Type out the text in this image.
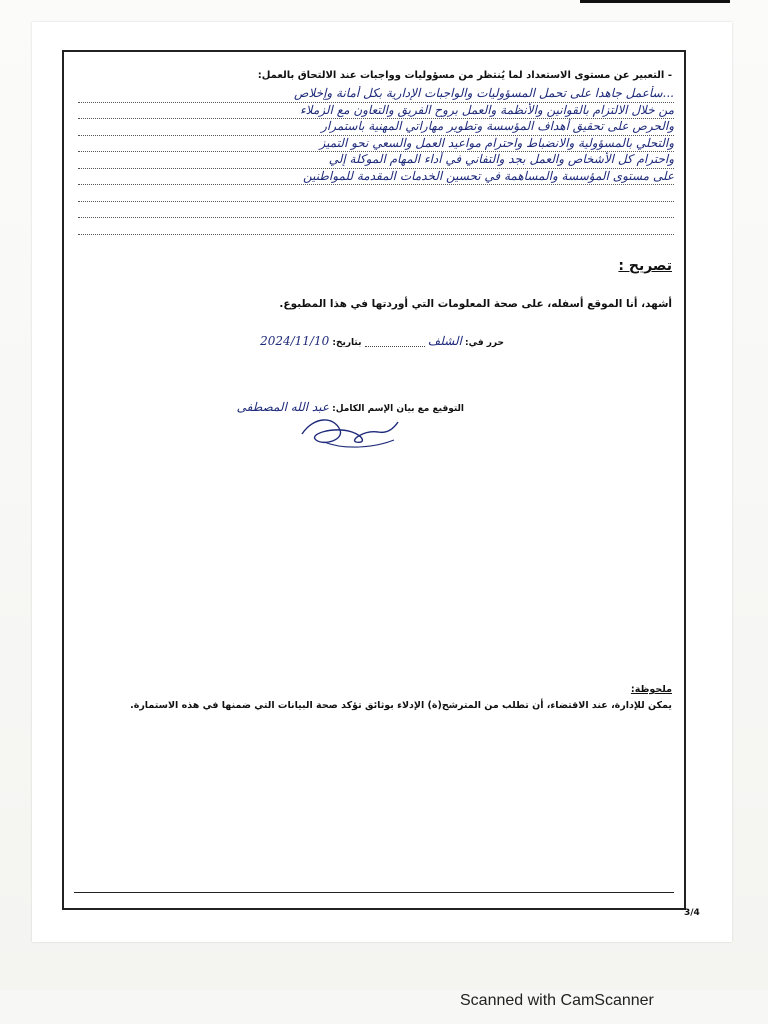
- التعبير عن مستوى الاستعداد لما يُنتظر من مسؤوليات وواجبات عند الالتحاق بالعمل:
...سأعمل جاهدا على تحمل المسؤوليات والواجبات الإدارية بكل أمانة وإخلاص
من خلال الالتزام بالقوانين والأنظمة والعمل بروح الفريق والتعاون مع الزملاء
والحرص على تحقيق أهداف المؤسسة وتطوير مهاراتي المهنية باستمرار
والتحلي بالمسؤولية والانضباط واحترام مواعيد العمل والسعي نحو التميز
واحترام كل الأشخاص والعمل بجد والتفاني في أداء المهام الموكلة إلي
على مستوى المؤسسة والمساهمة في تحسين الخدمات المقدمة للمواطنين
تصريح :
أشهد، أنا الموقع أسفله، على صحة المعلومات التي أوردتها في هذا المطبوع.
حرر في: الشلف  بتاريخ: 2024/11/10
التوقيع مع بيان الإسم الكامل: عبد الله المصطفى
ملحوظة:
يمكن للإدارة، عند الاقتضاء، أن تطلب من المترشح(ة) الإدلاء بوثائق تؤكد صحة البيانات التي ضمنها في هذه الاستمارة.
3/4
Scanned with CamScanner
